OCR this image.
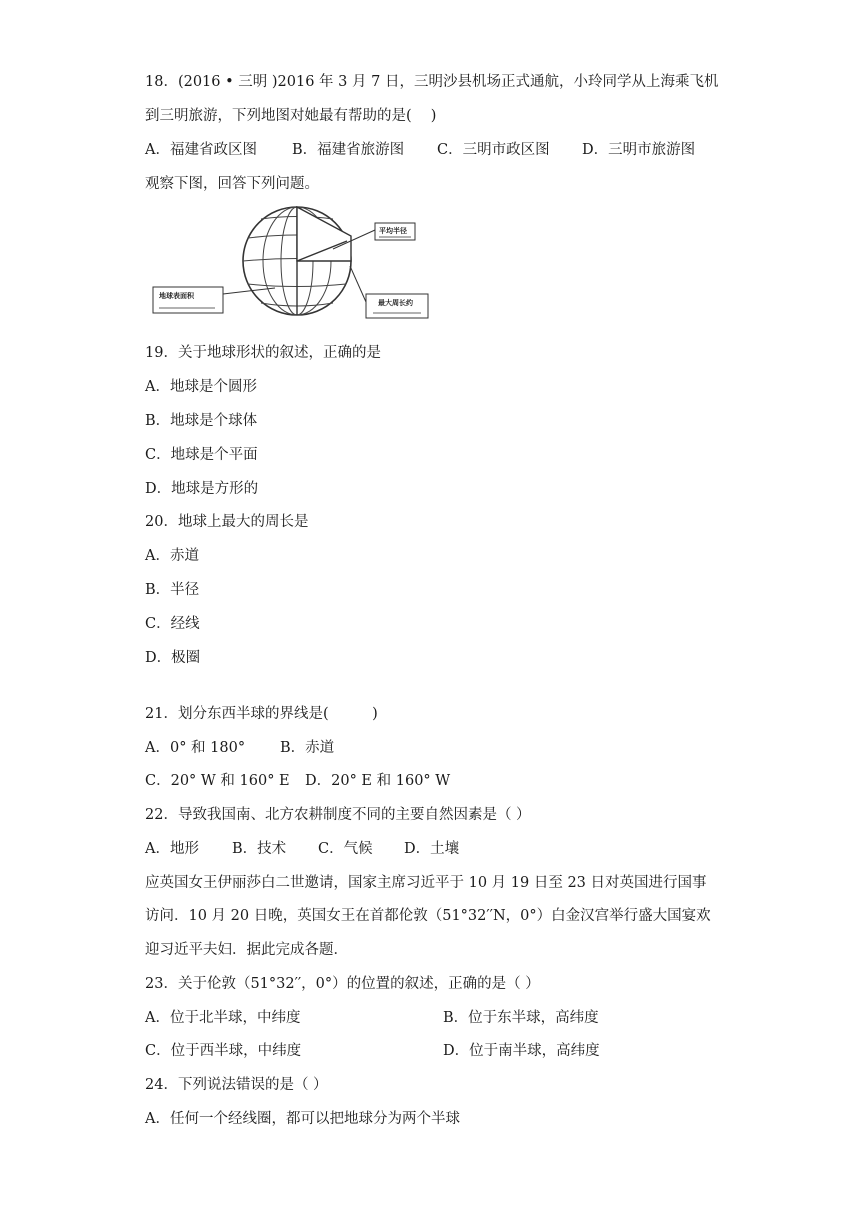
18．(2016 • 三明 )2016 年 3 月 7 日，三明沙县机场正式通航，小玲同学从上海乘飞机
到三明旅游，下列地图对她最有帮助的是(　 )
A．福建省政区图 B．福建省旅游图 C．三明市政区图 D．三明市旅游图
观察下图，回答下列问题。
平均半径
最大周长约
地球表面积
19．关于地球形状的叙述，正确的是
A．地球是个圆形
B．地球是个球体
C．地球是个平面
D．地球是方形的
20．地球上最大的周长是
A．赤道
B．半径
C．经线
D．极圈
21．划分东西半球的界线是(　　　)
A．0° 和 180° B．赤道
C．20° W 和 160° E D．20° E 和 160° W
22．导致我国南、北方农耕制度不同的主要自然因素是（ ）
A．地形 B．技术 C．气候 D．土壤
应英国女王伊丽莎白二世邀请，国家主席习近平于 10 月 19 日至 23 日对英国进行国事
访问．10 月 20 日晚，英国女王在首都伦敦（51°32′′N，0°）白金汉宫举行盛大国宴欢
迎习近平夫妇．据此完成各题．
23．关于伦敦（51°32′′，0°）的位置的叙述，正确的是（ ）
A．位于北半球，中纬度	B．位于东半球，高纬度
C．位于西半球，中纬度	D．位于南半球，高纬度
24．下列说法错误的是（ ）
A．任何一个经线圈，都可以把地球分为两个半球
